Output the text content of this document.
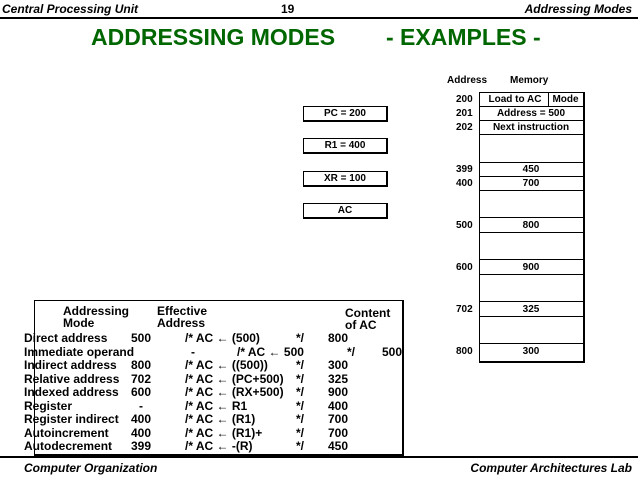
Central Processing Unit	19	Addressing Modes
ADDRESSING MODES - EXAMPLES -
PC = 200
R1 = 400
XR = 100
AC
Address Memory
200	Load to AC	Mode
201	Address = 500
202	Next instruction
399	450
400	700
500	800
600	900
702	325
800	300
Addressing
Mode
Effective
Address
Content
of AC
Direct address 500	/* AC ← (500)	*/ 800
Immediate operand	-	/* AC ← 500	*/ 500
Indirect address 800	/* AC ← ((500)) */ 300
Relative address 702	/* AC ← (PC+500) */ 325
Indexed address 600	/* AC ← (RX+500) */ 900
Register	-	/* AC ← R1	*/ 400
Register indirect 400	/* AC ← (R1)	*/ 700
Autoincrement 400	/* AC ← (R1)+	*/ 700
Autodecrement 399	/* AC ← -(R)	*/ 450
Computer Organization	Computer Architectures Lab
